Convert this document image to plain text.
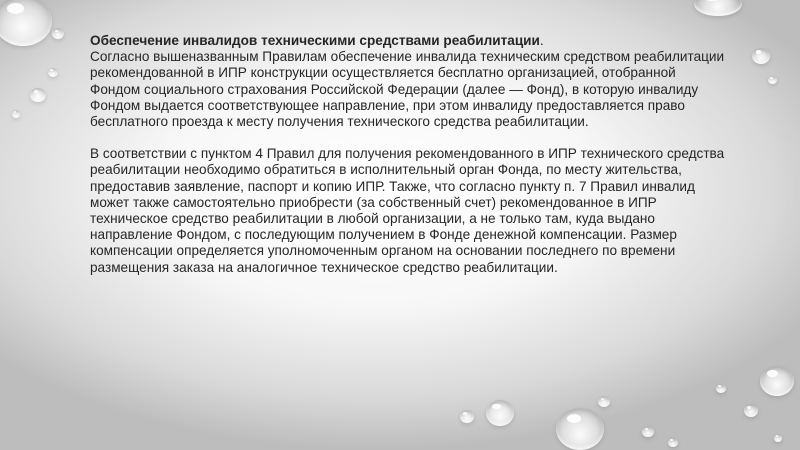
Обеспечение инвалидов техническими средствами реабилитации.
Согласно вышеназванным Правилам обеспечение инвалида техническим средством реабилитации рекомендованной в ИПР конструкции осуществляется бесплатно организацией, отобранной Фондом социального страхования Российской Федерации (далее — Фонд), в которую инвалиду Фондом выдается соответствующее направление, при этом инвалиду предоставляется право бесплатного проезда к месту получения технического средства реабилитации.

В соответствии с пунктом 4 Правил для получения рекомендованного в ИПР технического средства реабилитации необходимо обратиться в исполнительный орган Фонда, по месту жительства, предоставив заявление, паспорт и копию ИПР. Также, что согласно пункту п. 7 Правил инвалид может также самостоятельно приобрести (за собственный счет) рекомендованное в ИПР техническое средство реабилитации в любой организации, а не только там, куда выдано направление Фондом, с последующим получением в Фонде денежной компенсации. Размер компенсации определяется уполномоченным органом на основании последнего по времени размещения заказа на аналогичное техническое средство реабилитации.
